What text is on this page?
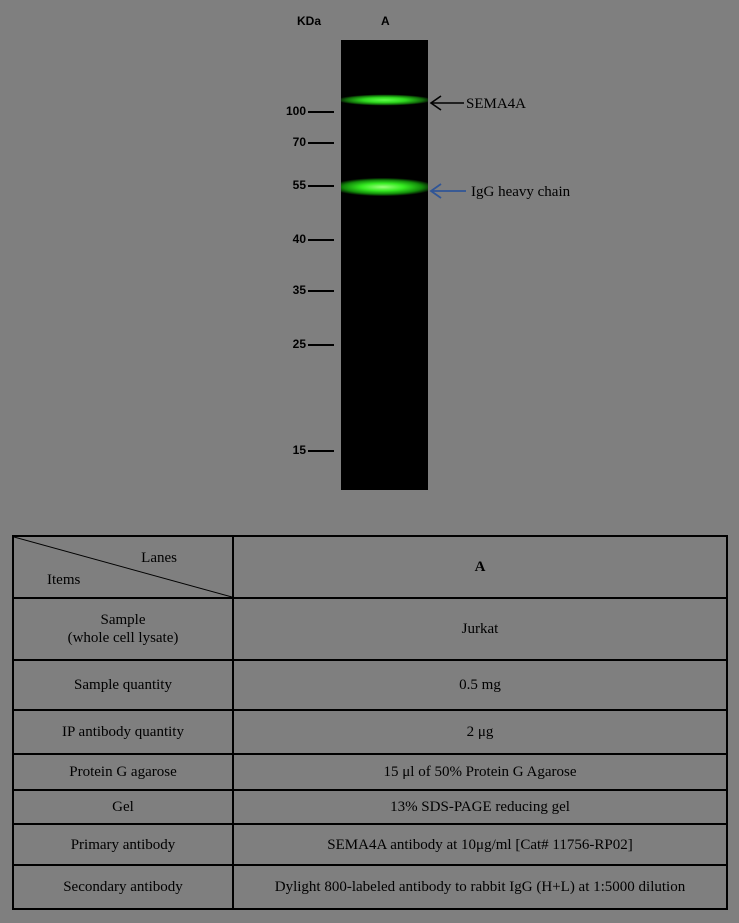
KDa	A
100
70
55
40
35
25
15
SEMA4A
IgG heavy chain
Lanes
Items	A
Sample
(whole cell lysate)	Jurkat
Sample quantity	0.5 mg
IP antibody quantity	2 μg
Protein G agarose	15 μl of 50% Protein G Agarose
Gel	13% SDS-PAGE reducing gel
Primary antibody	SEMA4A antibody at 10μg/ml [Cat# 11756-RP02]
Secondary antibody	Dylight 800-labeled antibody to rabbit IgG (H+L) at 1:5000 dilution
